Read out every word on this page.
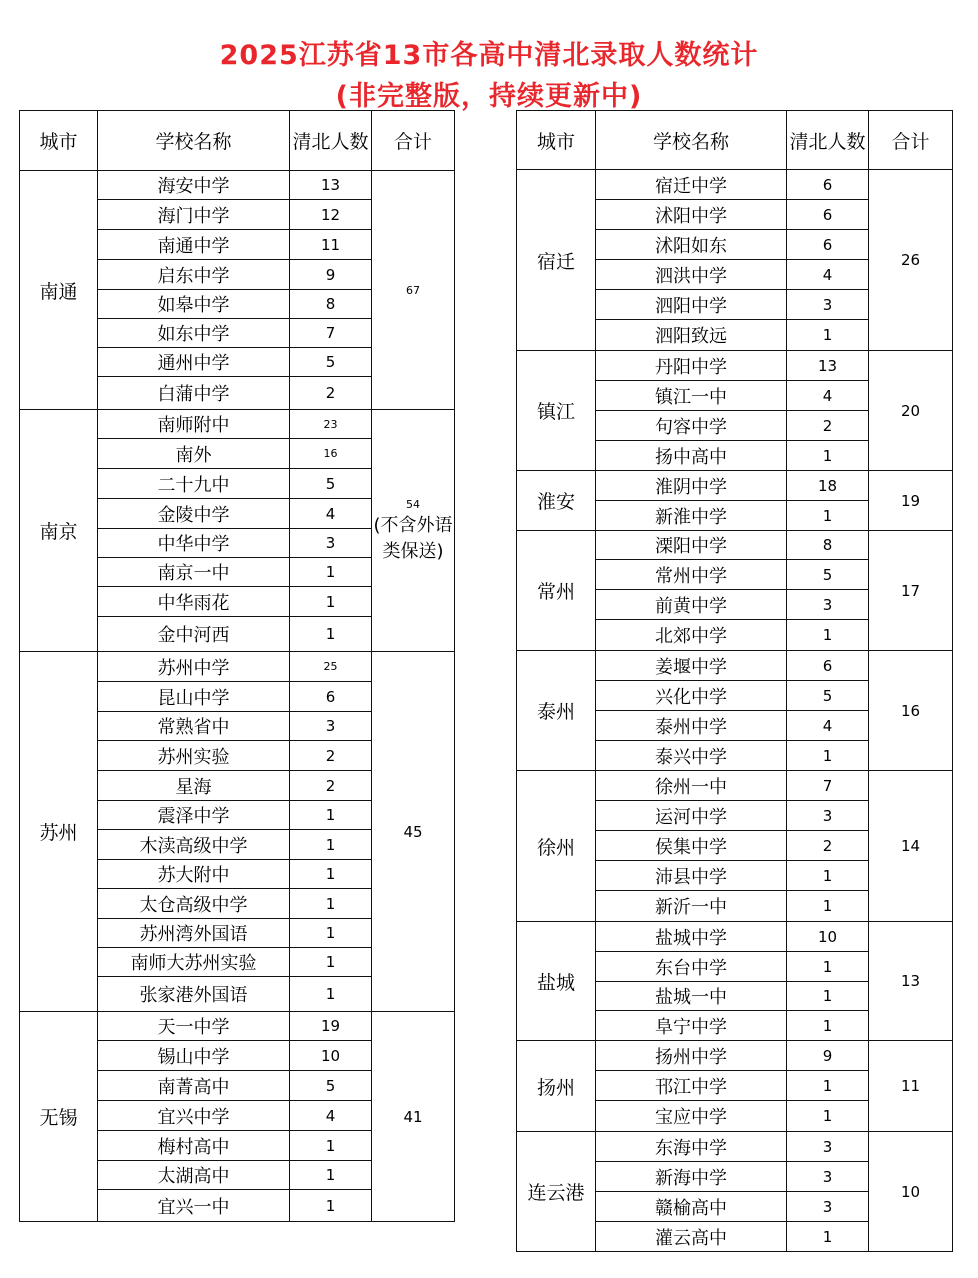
2025江苏省13市各高中清北录取人数统计
(非完整版，持续更新中)
城市	学校名称	清北人数	合计
南通	海安中学	13	67
	海门中学	12	
	南通中学	11	
	启东中学	9	
	如皋中学	8	
	如东中学	7	
	通州中学	5	
	白蒲中学	2	
南京	南师附中	23	54
(不含外语类保送)
	南外	16	
	二十九中	5	
	金陵中学	4	
	中华中学	3	
	南京一中	1	
	中华雨花	1	
	金中河西	1	
苏州	苏州中学	25	45
	昆山中学	6	
	常熟省中	3	
	苏州实验	2	
	星海	2	
	震泽中学	1	
	木渎高级中学	1	
	苏大附中	1	
	太仓高级中学	1	
	苏州湾外国语	1	
	南师大苏州实验	1	
	张家港外国语	1	
无锡	天一中学	19	41
	锡山中学	10	
	南菁高中	5	
	宜兴中学	4	
	梅村高中	1	
	太湖高中	1	
	宜兴一中	1	
城市	学校名称	清北人数	合计
宿迁	宿迁中学	6	26
	沭阳中学	6	
	沭阳如东	6	
	泗洪中学	4	
	泗阳中学	3	
	泗阳致远	1	
镇江	丹阳中学	13	20
	镇江一中	4	
	句容中学	2	
	扬中高中	1	
淮安	淮阴中学	18	19
	新淮中学	1	
常州	溧阳中学	8	17
	常州中学	5	
	前黄中学	3	
	北郊中学	1	
泰州	姜堰中学	6	16
	兴化中学	5	
	泰州中学	4	
	泰兴中学	1	
徐州	徐州一中	7	14
	运河中学	3	
	侯集中学	2	
	沛县中学	1	
	新沂一中	1	
盐城	盐城中学	10	13
	东台中学	1	
	盐城一中	1	
	阜宁中学	1	
扬州	扬州中学	9	11
	邗江中学	1	
	宝应中学	1	
连云港	东海中学	3	10
	新海中学	3	
	赣榆高中	3	
	灌云高中	1	
